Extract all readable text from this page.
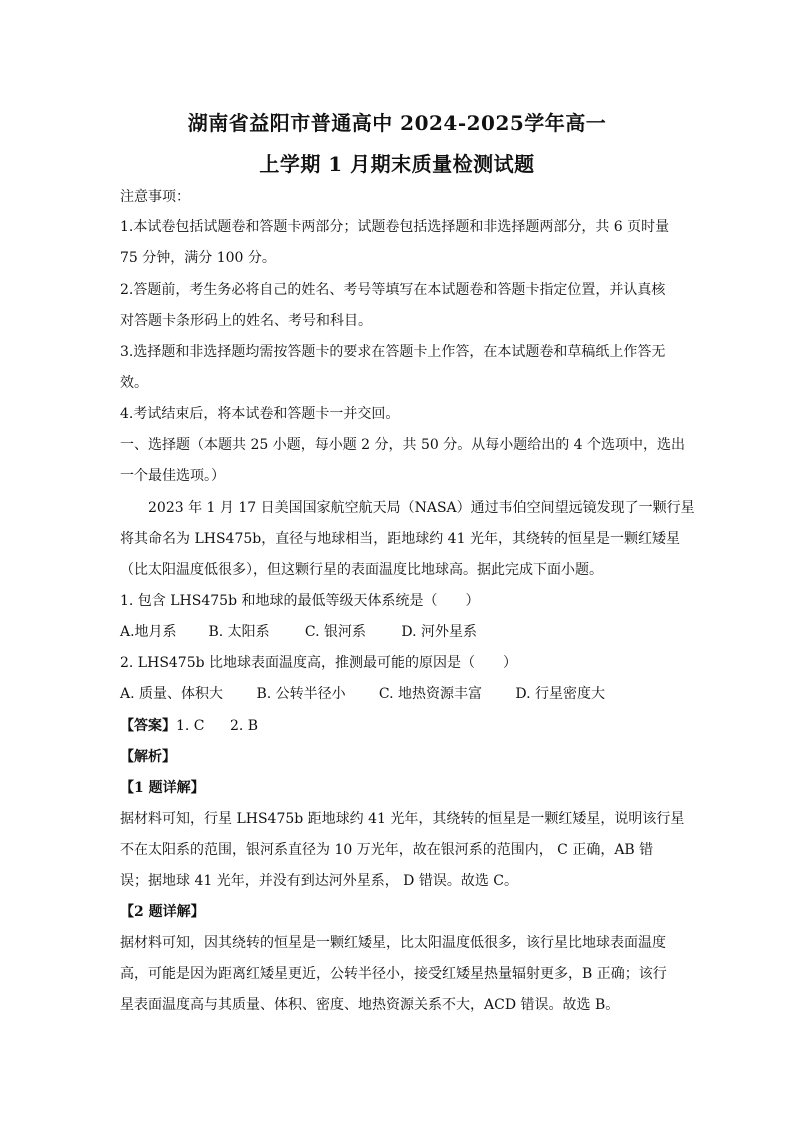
湖南省益阳市普通高中 2024-2025学年高一
上学期 1 月期末质量检测试题
注意事项：
1.本试卷包括试题卷和答题卡两部分；试题卷包括选择题和非选择题两部分，共 6 页时量
75 分钟，满分 100 分。
2.答题前，考生务必将自己的姓名、考号等填写在本试题卷和答题卡指定位置，并认真核
对答题卡条形码上的姓名、考号和科目。
3.选择题和非选择题均需按答题卡的要求在答题卡上作答，在本试题卷和草稿纸上作答无
效。
4.考试结束后，将本试卷和答题卡一并交回。
一、选择题（本题共 25 小题，每小题 2 分，共 50 分。从每小题给出的 4 个选项中，选出
一个最佳选项。）
2023 年 1 月 17 日美国国家航空航天局（NASA）通过韦伯空间望远镜发现了一颗行星
将其命名为 LHS475b，直径与地球相当，距地球约 41 光年，其绕转的恒星是一颗红矮星
（比太阳温度低很多），但这颗行星的表面温度比地球高。据此完成下面小题。
1. 包含 LHS475b 和地球的最低等级天体系统是（　　）
A.地月系 B. 太阳系	C. 银河系	D. 河外星系
2. LHS475b 比地球表面温度高，推测最可能的原因是（　　）
A. 质量、体积大 B. 公转半径小 C. 地热资源丰富 D. 行星密度大
【答案】1. C 2. B
【解析】
【1 题详解】
据材料可知，行星 LHS475b 距地球约 41 光年，其绕转的恒星是一颗红矮星，说明该行星
不在太阳系的范围，银河系直径为 10 万光年，故在银河系的范围内， C 正确，AB 错
误；据地球 41 光年，并没有到达河外星系， D 错误。故选 C。
【2 题详解】
据材料可知，因其绕转的恒星是一颗红矮星，比太阳温度低很多，该行星比地球表面温度
高，可能是因为距离红矮星更近，公转半径小，接受红矮星热量辐射更多，B 正确；该行
星表面温度高与其质量、体积、密度、地热资源关系不大，ACD 错误。故选 B。
